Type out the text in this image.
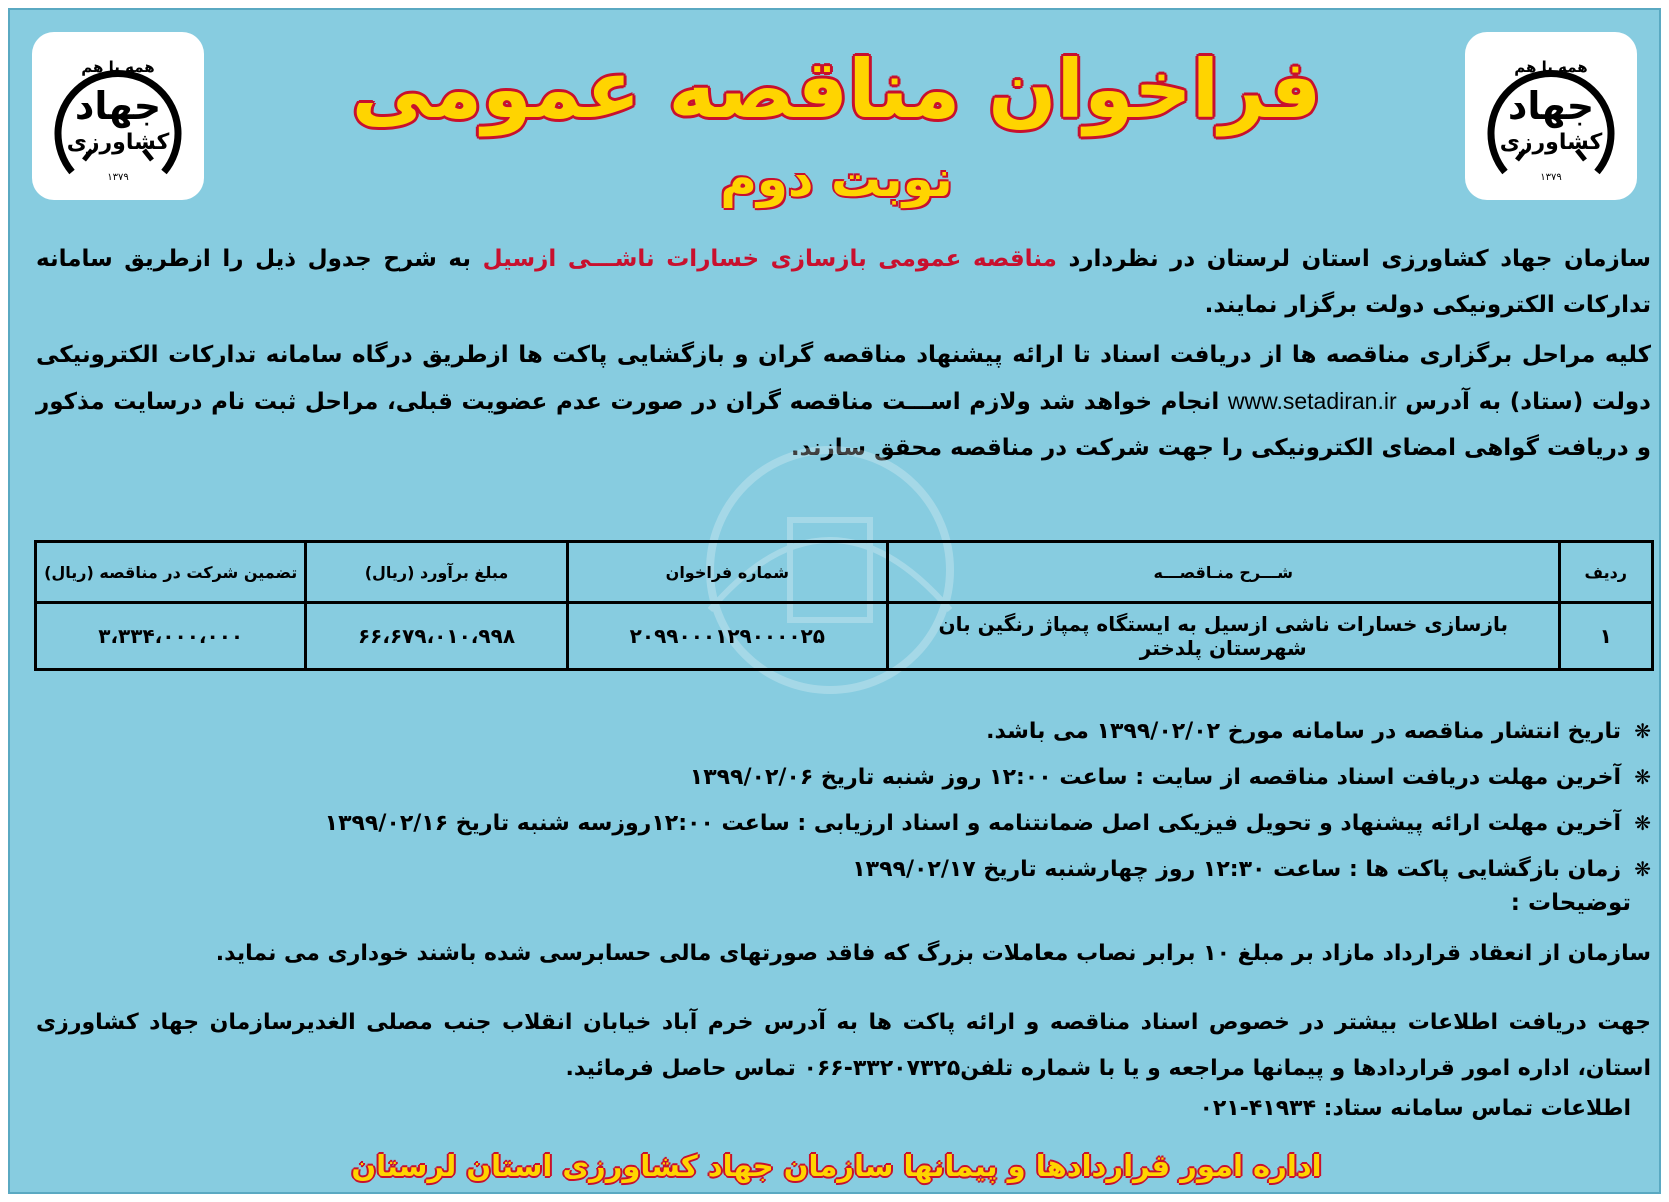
همه با هم
جهاد
کشاورزی
۱۳۷۹
همه با هم
جهاد
کشاورزی
۱۳۷۹
فراخوان مناقصه عمومی
نوبت دوم
سازمان جهاد کشاورزی استان لرستان در نظردارد مناقصه عمومی بازسازی خسارات ناشـــی ازسیل به شرح جدول ذیل را ازطریق سامانه تدارکات الکترونیکی دولت برگزار نمایند.
کلیه مراحل برگزاری مناقصه ها از دریافت اسناد تا ارائه پیشنهاد مناقصه گران و بازگشایی پاکت ها ازطریق درگاه سامانه تدارکات الکترونیکی دولت (ستاد) به آدرس www.setadiran.ir انجام خواهد شد ولازم اســـت مناقصه گران در صورت عدم عضویت قبلی، مراحل ثبت نام درسایت مذکور و دریافت گواهی امضای الکترونیکی را جهت شرکت در مناقصه محقق سازند.
ردیف	شـــرح منـاقصـــه	شماره فراخوان	مبلغ برآورد (ریال)	تضمین شرکت در مناقصه (ریال)
۱	بازسازی خسارات ناشی ازسیل به ایستگاه پمپاژ رنگین بان شهرستان پلدختر	۲۰۹۹۰۰۰۱۲۹۰۰۰۰۲۵	۶۶،۶۷۹،۰۱۰،۹۹۸	۳،۳۳۴،۰۰۰،۰۰۰
❋تاریخ انتشار مناقصه در سامانه مورخ ۱۳۹۹/۰۲/۰۲ می باشد.
❋آخرین مهلت دریافت اسناد مناقصه از سایت : ساعت ۱۲:۰۰ روز شنبه تاریخ ۱۳۹۹/۰۲/۰۶
❋آخرین مهلت ارائه پیشنهاد و تحویل فیزیکی اصل ضمانتنامه و اسناد ارزیابی : ساعت ۱۲:۰۰روزسه شنبه تاریخ ۱۳۹۹/۰۲/۱۶
❋زمان بازگشایی پاکت ها : ساعت ۱۲:۳۰ روز چهارشنبه تاریخ ۱۳۹۹/۰۲/۱۷
توضیحات :
سازمان از انعقاد قرارداد مازاد بر مبلغ ۱۰ برابر نصاب معاملات بزرگ که فاقد صورتهای مالی حسابرسی شده باشند خوداری می نماید.
جهت دریافت اطلاعات بیشتر در خصوص اسناد مناقصه و ارائه پاکت ها به آدرس خرم آباد خیابان انقلاب جنب مصلی الغدیرسازمان جهاد کشاورزی استان، اداره امور قراردادها و پیمانها مراجعه و یا با شماره تلفن۳۳۲۰۷۳۲۵-۰۶۶ تماس حاصل فرمائید.
اطلاعات تماس سامانه ستاد: ۴۱۹۳۴-۰۲۱
اداره امور قراردادها و پیمانها سازمان جهاد کشاورزی استان لرستان
